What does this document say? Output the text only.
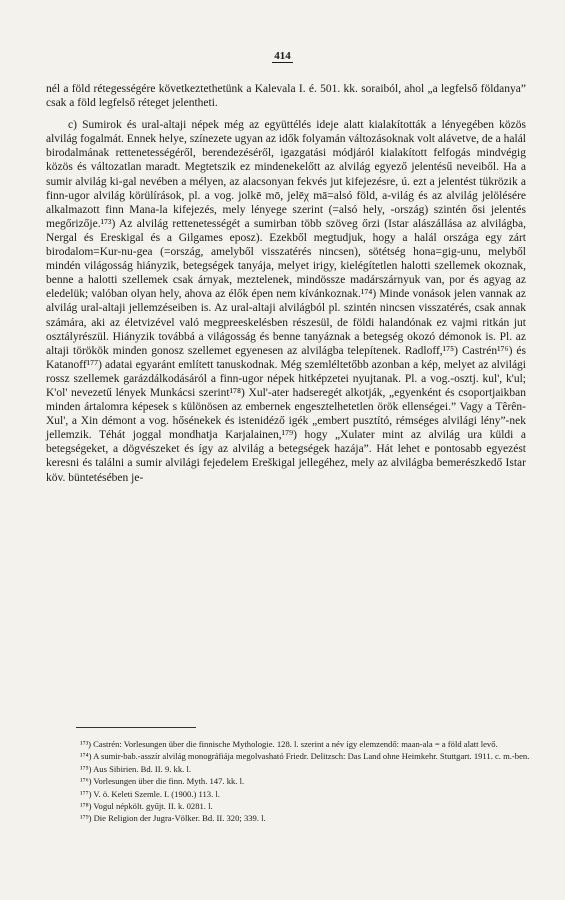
414

nél a föld rétegességére következtethetünk a Kalevala I. é. 501. kk. soraiból, ahol „a legfelső földanya” csak a föld legfelső réteget jelentheti.

c) Sumirok és ural-altaji népek még az együttélés ideje alatt kialakították a lényegében közös alvilág fogalmát. Ennek helye, színezete ugyan az idők folyamán változásoknak volt alávetve, de a halál birodalmának rettenetességéről, berendezéséről, igazgatási módjáról kialakított felfogás mindvégig közös és változatlan maradt. Megtetszik ez mindenekelőtt az alvilág egyező jelentésű neveiből. Ha a sumir alvilág ki-gal nevében a mélyen, az alacsonyan fekvés jut kifejezésre, ú. ezt a jelentést tükrözik a finn-ugor alvilág körülírások, pl. a vog. jolkē mō, jelēχ mā=alsó föld, a-világ és az alvilág jelölésére alkalmazott finn Mana-la kifejezés, mely lényege szerint (=alsó hely, -ország) szintén ősi jelentés megőrizője.¹⁷³) Az alvilág rettenetességét a sumirban több szöveg őrzi (Istar alászállása az alvilágba, Nergal és Ereskigal és a Gilgames eposz). Ezekből megtudjuk, hogy a halál országa egy zárt birodalom=Kur-nu-gea (=ország, amelyből visszatérés nincsen), sötétség hona=gig-unu, melyből mindén világosság hiányzik, betegségek tanyája, melyet irigy, kielégítetlen halotti szellemek okoznak, benne a halotti szellemek csak árnyak, meztelenek, mindössze madárszárnyuk van, por és agyag az eledelük; valóban olyan hely, ahova az élők épen nem kívánkoznak.¹⁷⁴) Minde vonások jelen vannak az alvilág ural-altaji jellemzéseiben is. Az ural-altaji alvilágból pl. szintén nincsen visszatérés, csak annak számára, aki az életvizével való megpreeskelésben részesül, de földi halandónak ez vajmi ritkán jut osztályrészül. Hiányzik továbbá a világosság és benne tanyáznak a betegség okozó démonok is. Pl. az altaji törökök minden gonosz szellemet egyenesen az alvilágba telepítenek. Radloff,¹⁷⁵) Castrén¹⁷⁶) és Katanoff¹⁷⁷) adatai egyaránt említett tanuskodnak. Még szemléltetőbb azonban a kép, melyet az alvilági rossz szellemek garázdálkodásáról a finn-ugor népek hitképzetei nyujtanak. Pl. a vog.-osztj. kul', k'ul; K'ol' nevezetű lények Munkácsi szerint¹⁷⁸) Xul'-ater hadseregét alkotják, „egyenként és csoportjaikban minden ártalomra képesek s különösen az embernek engesztelhetetlen örök ellenségei.” Vagy a Têrên-Xul', a Xin démont a vog. hősénekek és istenidéző igék „embert pusztító, rémséges alvilági lény”-nek jellemzik. Téhát joggal mondhatja Karjalainen,¹⁷⁹) hogy „Xulater mint az alvilág ura küldi a betegségeket, a dögvészeket és így az alvilág a betegségek hazája”. Hát lehet e pontosabb egyezést keresni és találni a sumir alvilági fejedelem Ereškigal jellegéhez, mely az alvilágba bemerészkedő Istar köv. büntetésében je-

¹⁷³) Castrén: Vorlesungen über die finnische Mythologie. 128. l. szerint a név így elemzendő: maan-ala = a föld alatt levő.

¹⁷⁴) A sumir-bab.-asszír alvilág monográfiája megolvasható Friedr. Delitzsch: Das Land ohne Heimkehr. Stuttgart. 1911. c. m.-ben.

¹⁷⁵) Aus Sibirien. Bd. II. 9. kk. l.

¹⁷⁶) Vorlesungen über die finn. Myth. 147. kk. l.

¹⁷⁷) V. ö. Keleti Szemle. I. (1900.) 113. l.

¹⁷⁸) Vogul népkölt. gyűjt. II. k. 0281. l.

¹⁷⁹) Die Religion der Jugra-Völker. Bd. II. 320; 339. l.
